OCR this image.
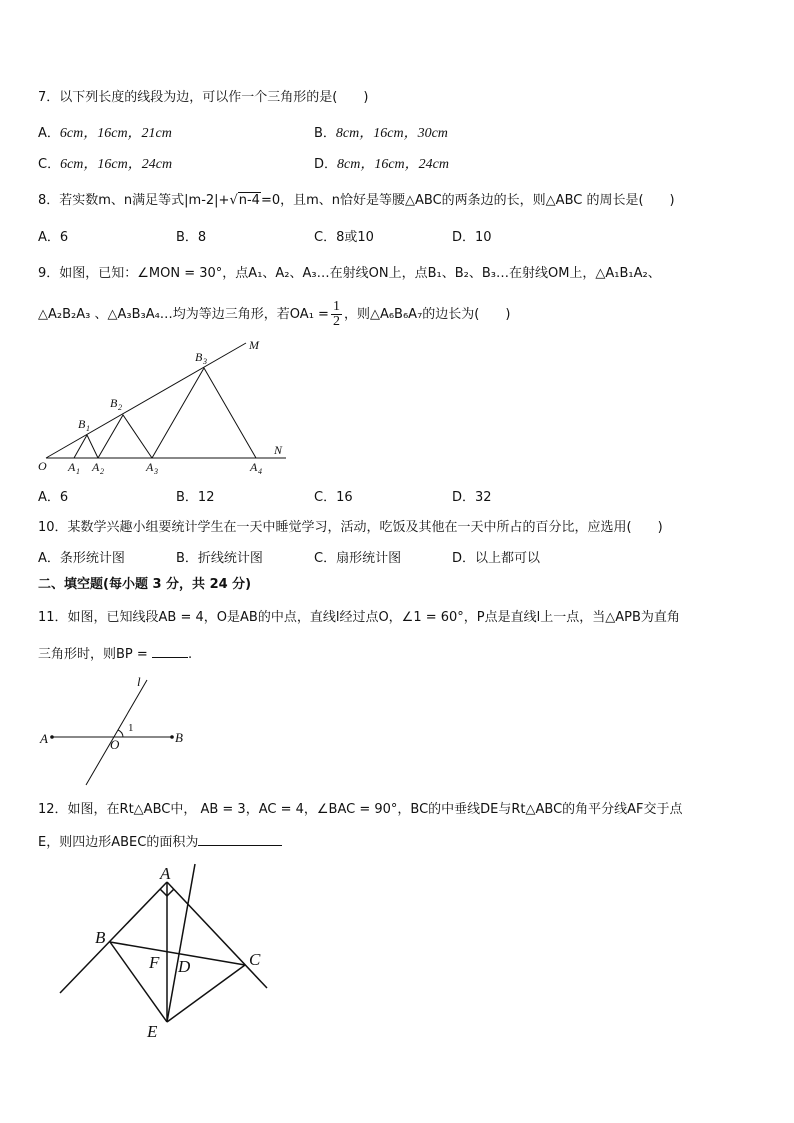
7．以下列长度的线段为边，可以作一个三角形的是(　　)
A．6cm，16cm，21cm	B．8cm，16cm，30cm
C．6cm，16cm，24cm	D．8cm，16cm，24cm
8．若实数m、n满足等式|m-2|+√n-4=0，且m、n恰好是等腰△ABC的两条边的长，则△ABC 的周长是(　　)
A．6	B．8	C．8或10	D．10
9．如图，已知：∠MON = 30°，点A₁、A₂、A₃…在射线ON上，点B₁、B₂、B₃…在射线OM上，△A₁B₁A₂、
△A₂B₂A₃ 、△A₃B₃A₄…均为等边三角形，若$OA_1 = \frac{1}{2}$ ，则△A₆B₆A₇的边长为(　　)
O
N
M
A 1 A 2	A 3	A 4
B 1
B 2
B 3
A．6	B．12	C．16	D．32
10．某数学兴趣小组要统计学生在一天中睡觉学习，活动，吃饭及其他在一天中所占的百分比，应选用(　　)
A．条形统计图	B．折线统计图	C．扇形统计图	D．以上都可以
二、填空题(每小题 3 分，共 24 分)
11．如图，已知线段AB = 4，O是AB的中点，直线l经过点O，∠1 = 60°，P点是直线l上一点，当△APB为直角
三角形时，则BP =	.
A	B
O
l
1
12．如图，在Rt△ABC中， AB = 3，AC = 4，∠BAC = 90°，BC的中垂线DE与Rt△ABC的角平分线AF交于点
E，则四边形ABEC的面积为
A
B
C
D
E
F
